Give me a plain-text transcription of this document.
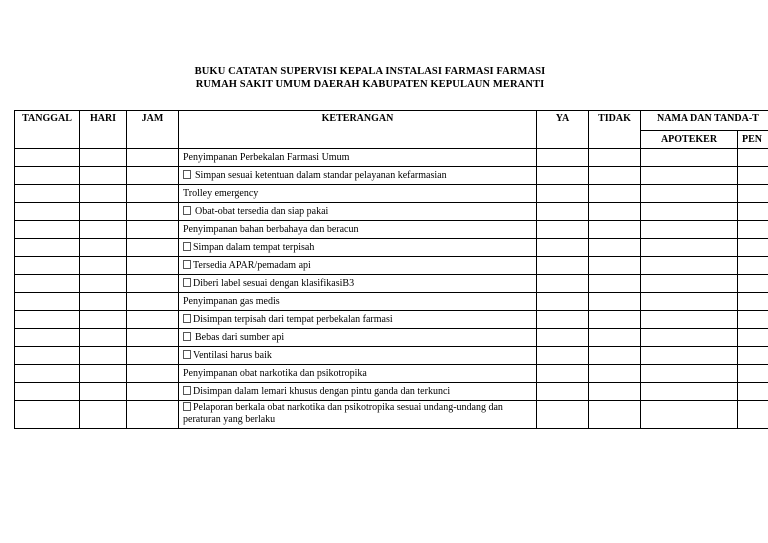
BUKU CATATAN SUPERVISI KEPALA INSTALASI FARMASI FARMASI
RUMAH SAKIT UMUM DAERAH KABUPATEN KEPULAUN MERANTI
TANGGAL	HARI	JAM	KETERANGAN	YA	TIDAK	NAMA DAN TANDA-T	
						APOTEKER	PEN
			Penyimpanan Perbekalan Farmasi Umum				
			Simpan sesuai ketentuan dalam standar pelayanan kefarmasian				
			Trolley emergency				
			Obat-obat tersedia dan siap pakai				
			Penyimpanan bahan berbahaya dan beracun				
			Simpan dalam tempat terpisah				
			Tersedia APAR/pemadam api				
			Diberi label sesuai dengan klasifikasiB3				
			Penyimpanan gas medis				
			Disimpan terpisah dari tempat perbekalan farmasi				
			Bebas dari sumber api				
			Ventilasi harus baik				
			Penyimpanan obat narkotika dan psikotropika				
			Disimpan dalam lemari khusus dengan pintu ganda dan terkunci				
			Pelaporan berkala obat narkotika dan psikotropika sesuai undang-undang dan peraturan yang berlaku				
